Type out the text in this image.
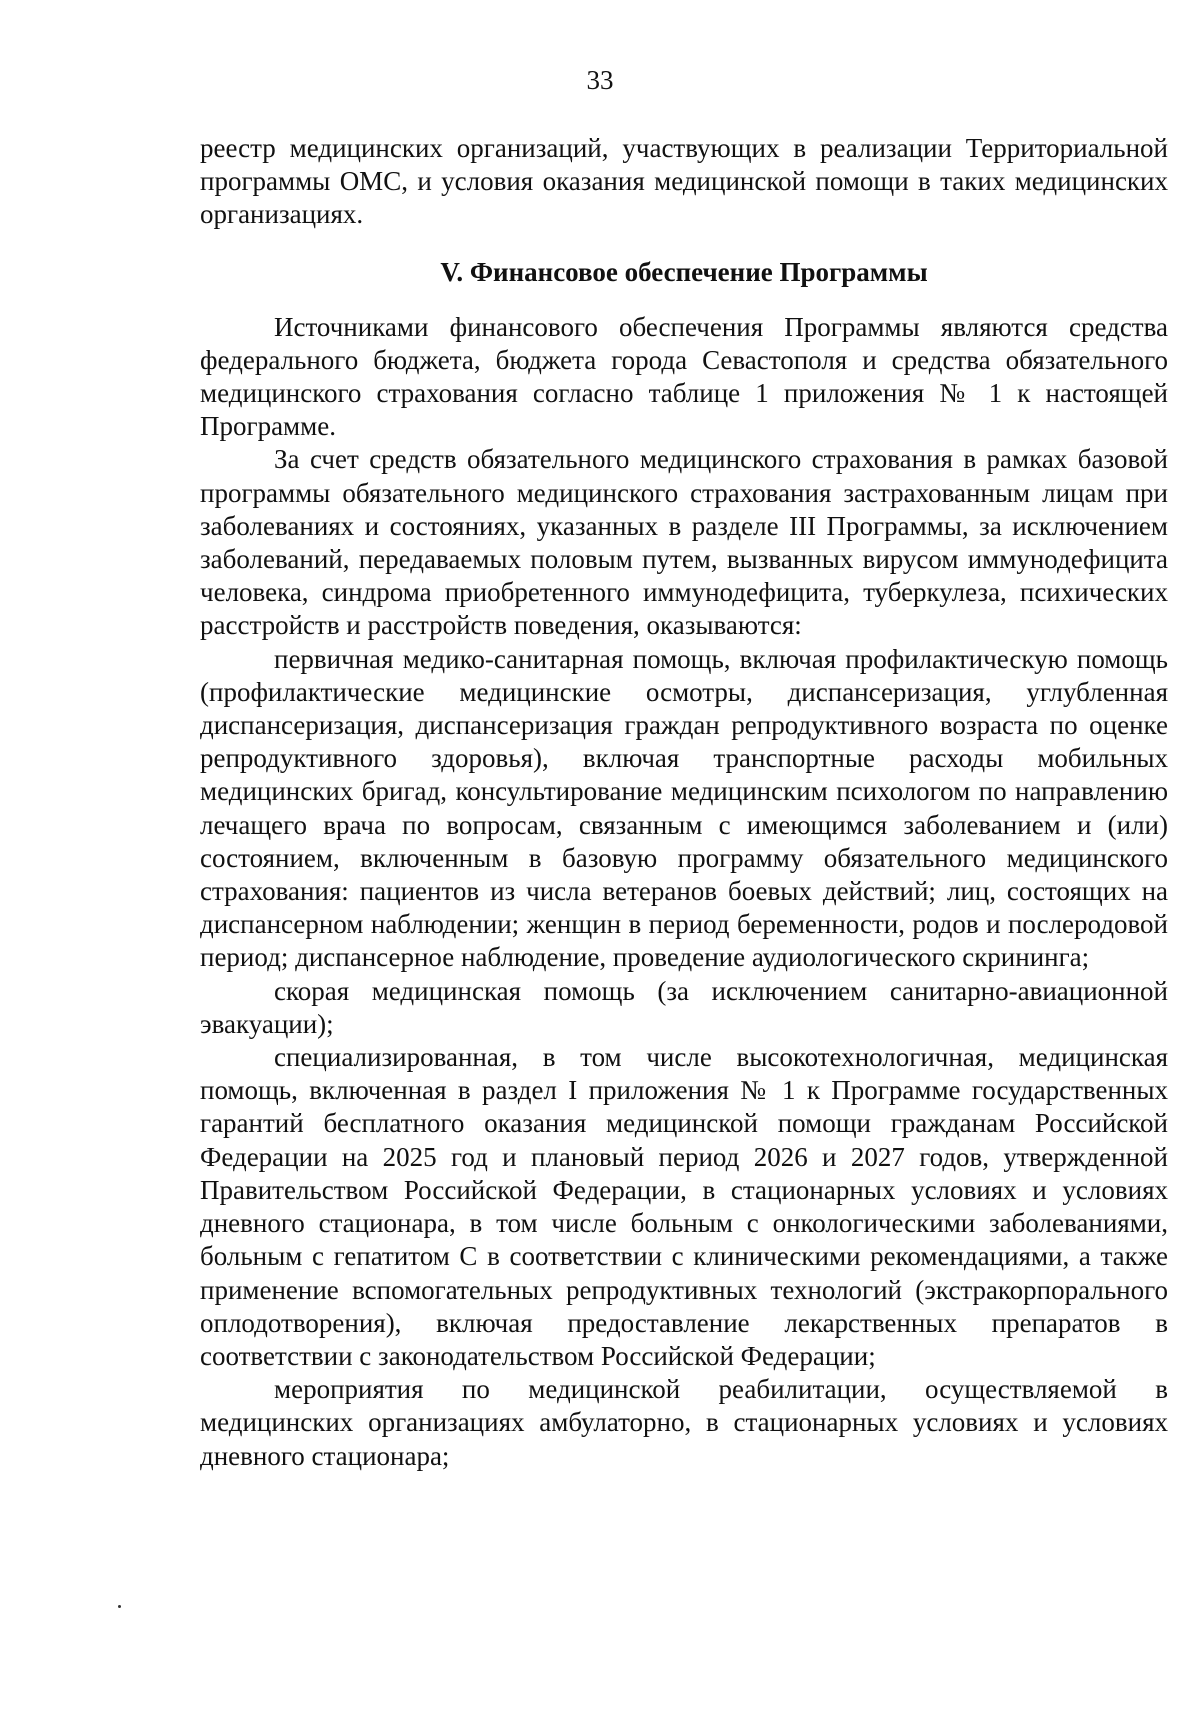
33

реестр медицинских организаций, участвующих в реализации Территориальной программы ОМС, и условия оказания медицинской помощи в таких медицинских организациях.

V. Финансовое обеспечение Программы

Источниками финансового обеспечения Программы являются средства федерального бюджета, бюджета города Севастополя и средства обязательного медицинского страхования согласно таблице 1 приложения № 1 к настоящей Программе.

За счет средств обязательного медицинского страхования в рамках базовой программы обязательного медицинского страхования застрахованным лицам при заболеваниях и состояниях, указанных в разделе III Программы, за исключением заболеваний, передаваемых половым путем, вызванных вирусом иммунодефицита человека, синдрома приобретенного иммунодефицита, туберкулеза, психических расстройств и расстройств поведения, оказываются:

первичная медико-санитарная помощь, включая профилактическую помощь (профилактические медицинские осмотры, диспансеризация, углубленная диспансеризация, диспансеризация граждан репродуктивного возраста по оценке репродуктивного здоровья), включая транспортные расходы мобильных медицинских бригад, консультирование медицинским психологом по направлению лечащего врача по вопросам, связанным с имеющимся заболеванием и (или) состоянием, включенным в базовую программу обязательного медицинского страхования: пациентов из числа ветеранов боевых действий; лиц, состоящих на диспансерном наблюдении; женщин в период беременности, родов и послеродовой период; диспансерное наблюдение, проведение аудиологического скрининга;

скорая медицинская помощь (за исключением санитарно-авиационной эвакуации);

специализированная, в том числе высокотехнологичная, медицинская помощь, включенная в раздел I приложения № 1 к Программе государственных гарантий бесплатного оказания медицинской помощи гражданам Российской Федерации на 2025 год и плановый период 2026 и 2027 годов, утвержденной Правительством Российской Федерации, в стационарных условиях и условиях дневного стационара, в том числе больным с онкологическими заболеваниями, больным с гепатитом С в соответствии с клиническими рекомендациями, а также применение вспомогательных репродуктивных технологий (экстракорпорального оплодотворения), включая предоставление лекарственных препаратов в соответствии с законодательством Российской Федерации;

мероприятия по медицинской реабилитации, осуществляемой в медицинских организациях амбулаторно, в стационарных условиях и условиях дневного стационара;
